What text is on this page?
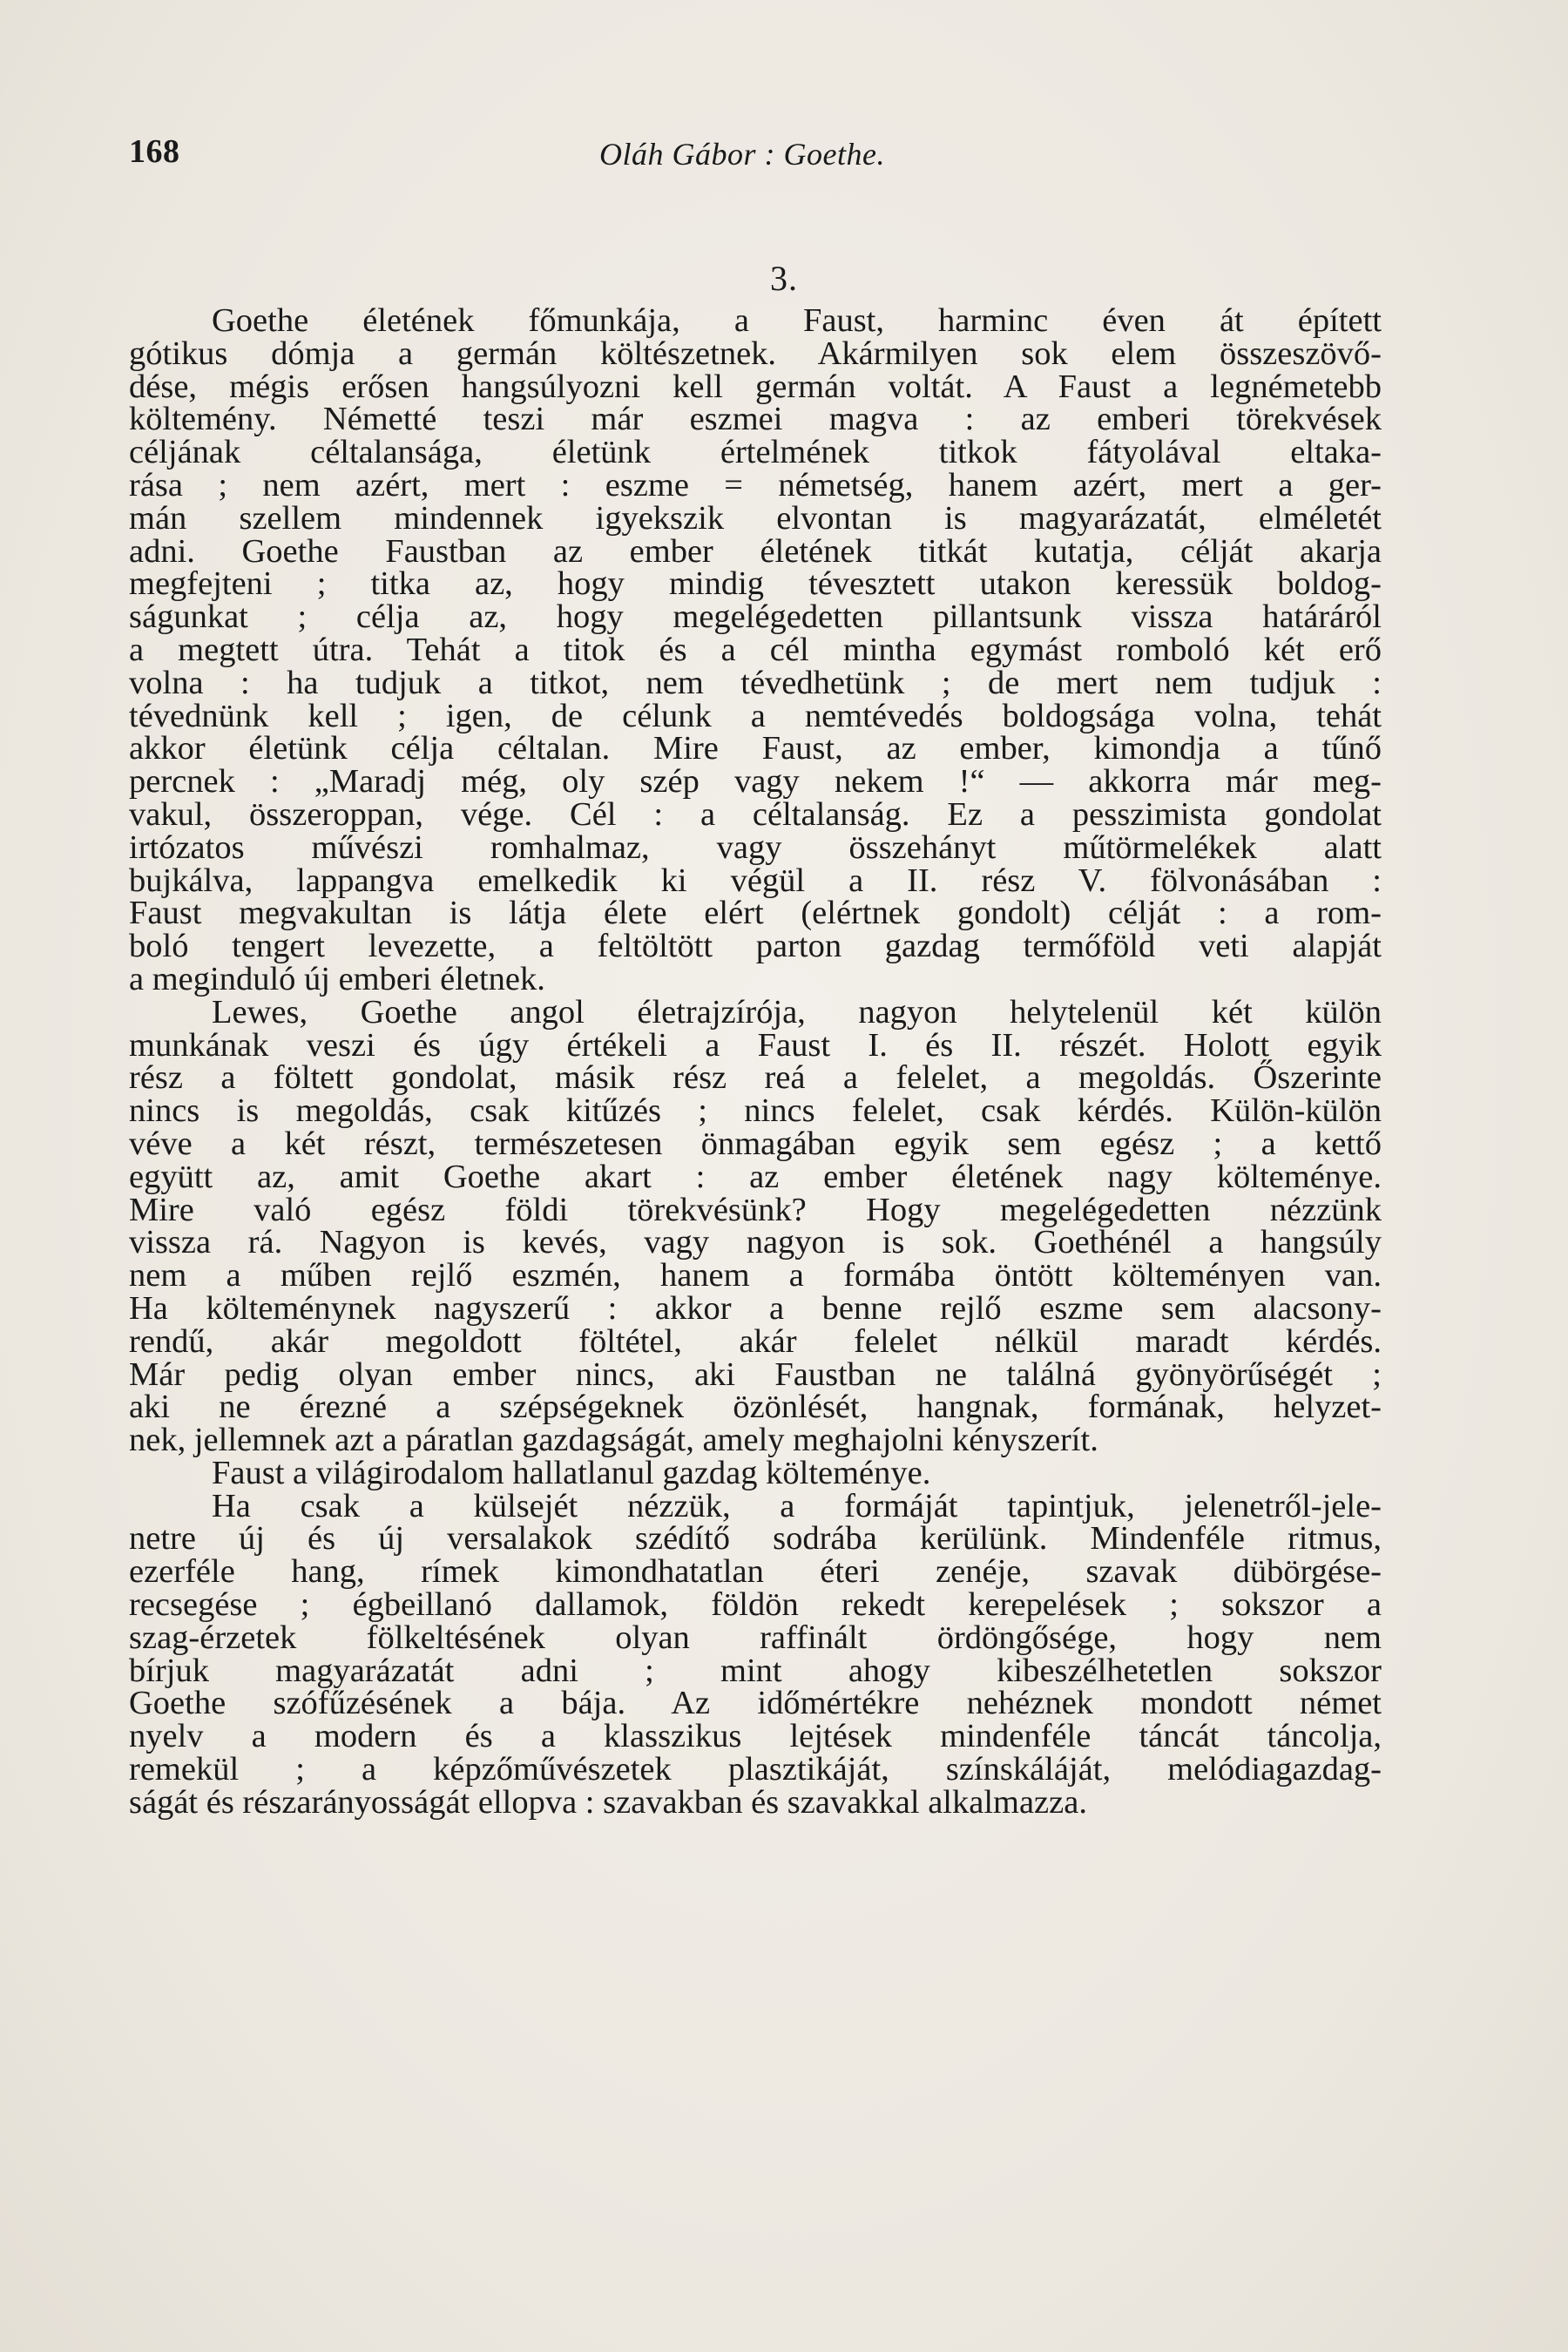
168	Oláh Gábor : Goethe.
3.
Goethe életének főmunkája, a Faust, harminc éven át épített
gótikus dómja a germán költészetnek. Akármilyen sok elem összeszövő-
dése, mégis erősen hangsúlyozni kell germán voltát. A Faust a legnémetebb
költemény. Németté teszi már eszmei magva : az emberi törekvések
céljának céltalansága, életünk értelmének titkok fátyolával eltaka-
rása ; nem azért, mert : eszme = németség, hanem azért, mert a ger-
mán szellem mindennek igyekszik elvontan is magyarázatát, elméletét
adni. Goethe Faustban az ember életének titkát kutatja, célját akarja
megfejteni ; titka az, hogy mindig tévesztett utakon keressük boldog-
ságunkat ; célja az, hogy megelégedetten pillantsunk vissza határáról
a megtett útra. Tehát a titok és a cél mintha egymást romboló két erő
volna : ha tudjuk a titkot, nem tévedhetünk ; de mert nem tudjuk :
tévednünk kell ; igen, de célunk a nemtévedés boldogsága volna, tehát
akkor életünk célja céltalan. Mire Faust, az ember, kimondja a tűnő
percnek : „Maradj még, oly szép vagy nekem !“ — akkorra már meg-
vakul, összeroppan, vége. Cél : a céltalanság. Ez a pesszimista gondolat
irtózatos művészi romhalmaz, vagy összehányt műtörmelékek alatt
bujkálva, lappangva emelkedik ki végül a II. rész V. fölvonásában :
Faust megvakultan is látja élete elért (elértnek gondolt) célját : a rom-
boló tengert levezette, a feltöltött parton gazdag termőföld veti alapját
a meginduló új emberi életnek.
Lewes, Goethe angol életrajzírója, nagyon helytelenül két külön
munkának veszi és úgy értékeli a Faust I. és II. részét. Holott egyik
rész a föltett gondolat, másik rész reá a felelet, a megoldás. Őszerinte
nincs is megoldás, csak kitűzés ; nincs felelet, csak kérdés. Külön-külön
véve a két részt, természetesen önmagában egyik sem egész ; a kettő
együtt az, amit Goethe akart : az ember életének nagy költeménye.
Mire való egész földi törekvésünk? Hogy megelégedetten nézzünk
vissza rá. Nagyon is kevés, vagy nagyon is sok. Goethénél a hangsúly
nem a műben rejlő eszmén, hanem a formába öntött költeményen van.
Ha költeménynek nagyszerű : akkor a benne rejlő eszme sem alacsony-
rendű, akár megoldott föltétel, akár felelet nélkül maradt kérdés.
Már pedig olyan ember nincs, aki Faustban ne találná gyönyörűségét ;
aki ne érezné a szépségeknek özönlését, hangnak, formának, helyzet-
nek, jellemnek azt a páratlan gazdagságát, amely meghajolni kényszerít.
Faust a világirodalom hallatlanul gazdag költeménye.
Ha csak a külsejét nézzük, a formáját tapintjuk, jelenetről-jele-
netre új és új versalakok szédítő sodrába kerülünk. Mindenféle ritmus,
ezerféle hang, rímek kimondhatatlan éteri zenéje, szavak dübörgése-
recsegése ; égbeillanó dallamok, földön rekedt kerepelések ; sokszor a
szag-érzetek fölkeltésének olyan raffinált ördöngősége, hogy nem
bírjuk magyarázatát adni ; mint ahogy kibeszélhetetlen sokszor
Goethe szófűzésének a bája. Az időmértékre nehéznek mondott német
nyelv a modern és a klasszikus lejtések mindenféle táncát táncolja,
remekül ; a képzőművészetek plasztikáját, színskáláját, melódiagazdag-
ságát és részarányosságát ellopva : szavakban és szavakkal alkalmazza.
